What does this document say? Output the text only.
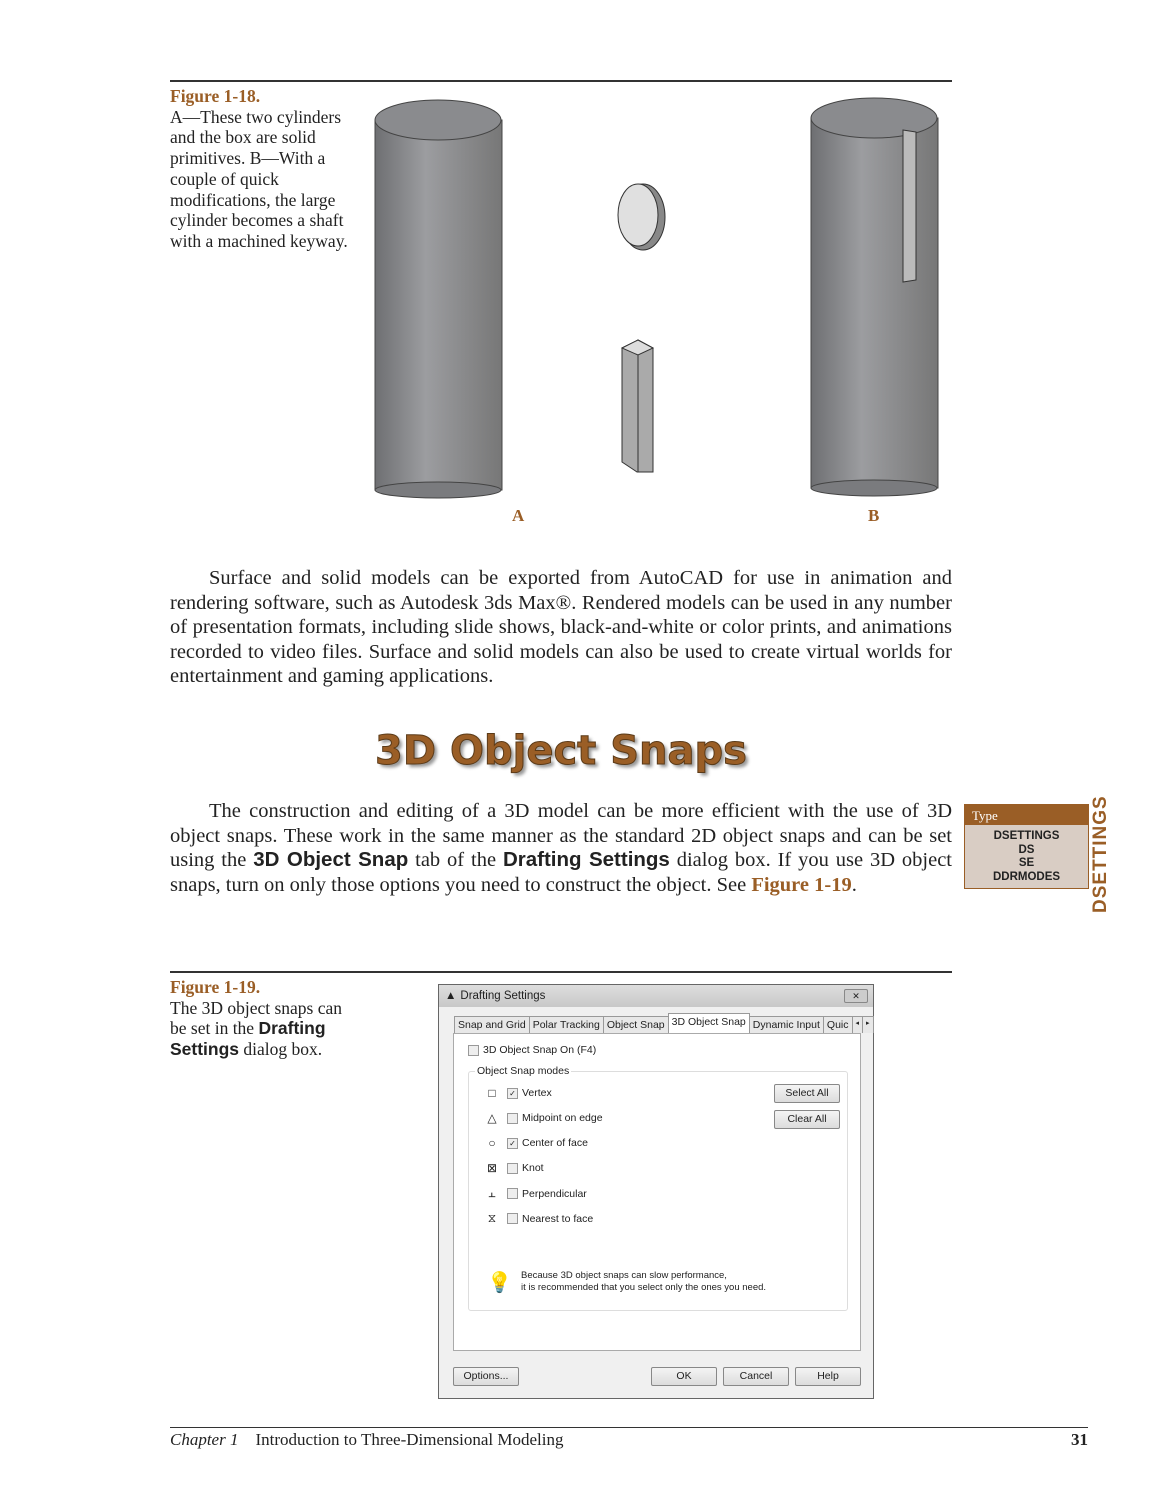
Figure 1-18.
A—These two cylinders and the box are solid primitives. B—With a couple of quick modifications, the large cylinder becomes a shaft with a machined keyway.
A	B
Surface and solid models can be exported from AutoCAD for use in animation and rendering software, such as Autodesk 3ds Max®. Rendered models can be used in any number of presentation formats, including slide shows, black-and-white or color prints, and animations recorded to video files. Surface and solid models can also be used to create virtual worlds for entertainment and gaming applications.
3D Object Snaps
The construction and editing of a 3D model can be more efficient with the use of 3D object snaps. These work in the same manner as the standard 2D object snaps and can be set using the 3D Object Snap tab of the Drafting Settings dialog box. If you use 3D object snaps, turn on only those options you need to construct the object. See Figure 1-19.
Type
DSETTINGS
DS
SE
DDRMODES	DSETTINGS
Figure 1-19.
The 3D object snaps can be set in the Drafting Settings dialog box.
▲ Drafting Settings	✕
Snap and Grid Polar Tracking Object Snap 3D Object Snap Dynamic Input Quic	◂	▸
3D Object Snap On (F4)
Object Snap modes
□	✓ Vertex
△	Midpoint on edge
○	✓ Center of face
⊠	Knot
⫠	Perpendicular
⧖	Nearest to face
Select All
Clear All
💡 Because 3D object snaps can slow performance,
it is recommended that you select only the ones you need.
Options...	OK	Cancel	Help
Chapter 1 Introduction to Three-Dimensional Modeling	31
